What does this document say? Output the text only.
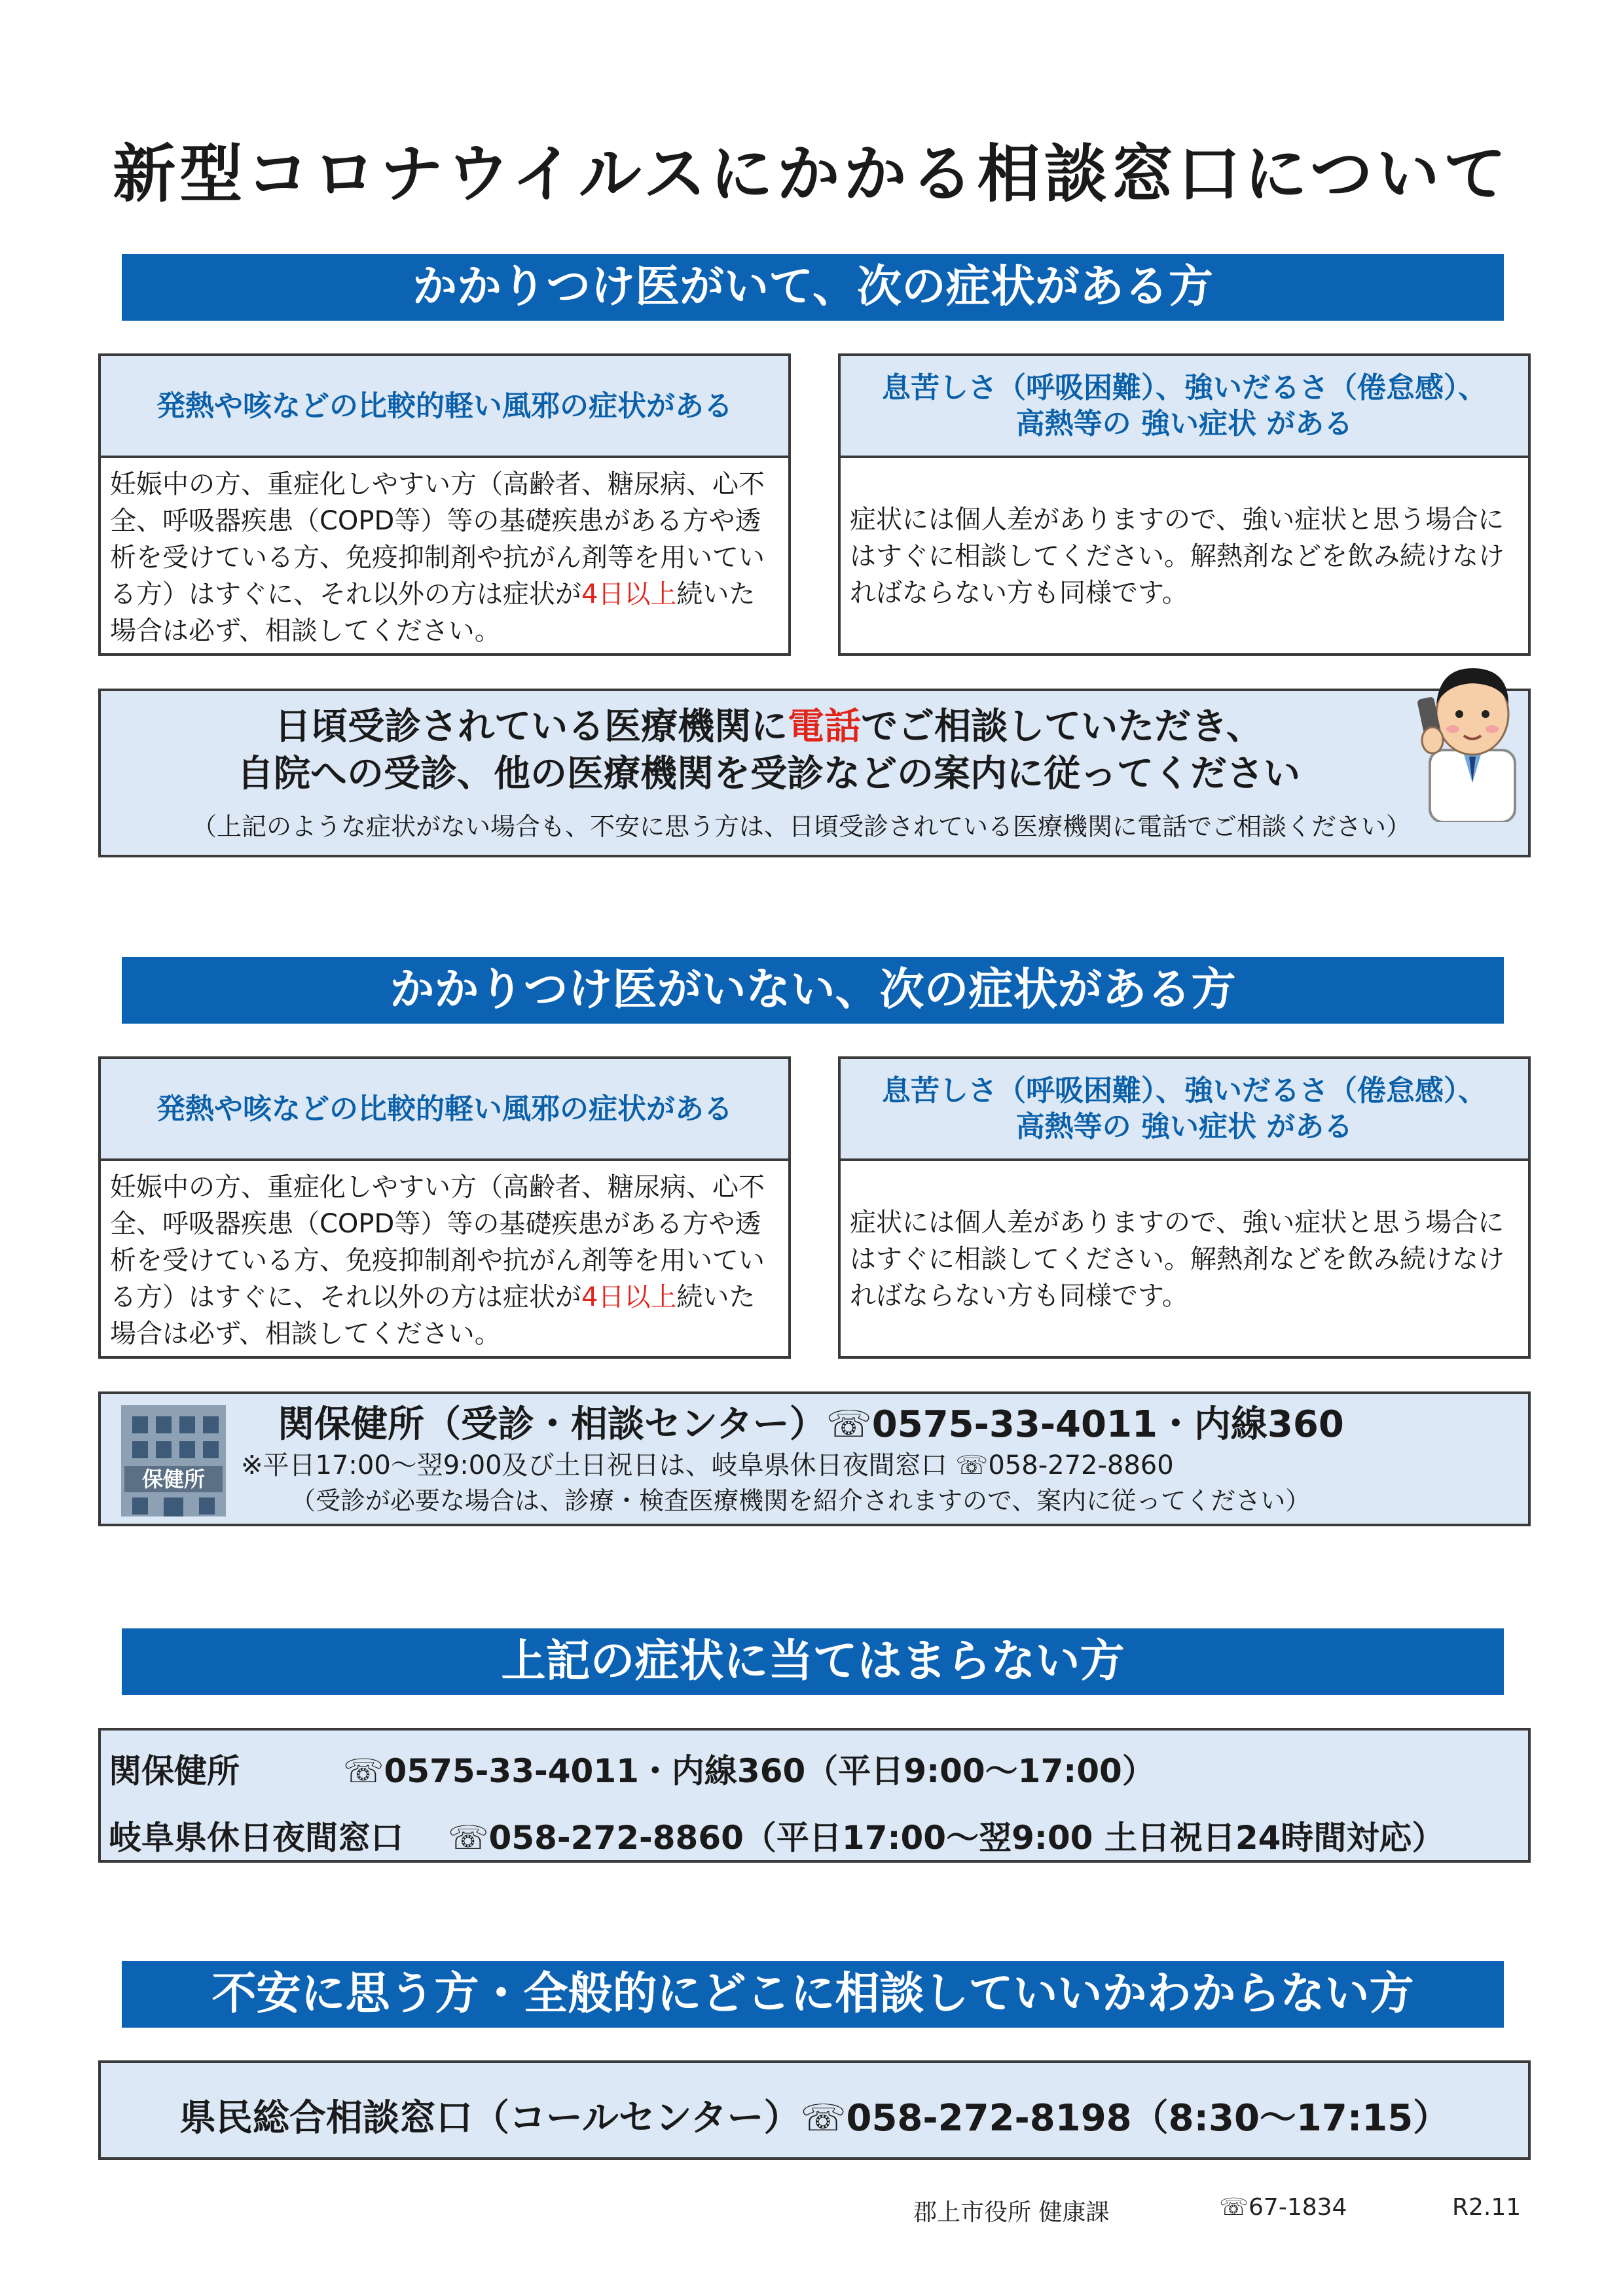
新型コロナウイルスにかかる相談窓口について
かかりつけ医がいて、次の症状がある方
発熱や咳などの比較的軽い風邪の症状がある
妊娠中の方、重症化しやすい方（高齢者、糖尿病、心不全、呼吸器疾患（COPD等）等の基礎疾患がある方や透析を受けている方、免疫抑制剤や抗がん剤等を用いている方）はすぐに、それ以外の方は症状が4日以上続いた場合は必ず、相談してください。
息苦しさ（呼吸困難）、強いだるさ（倦怠感）、
高熱等の 強い症状 がある
症状には個人差がありますので、強い症状と思う場合にはすぐに相談してください。解熱剤などを飲み続けなければならない方も同様です。
日頃受診されている医療機関に電話でご相談していただき、
自院への受診、他の医療機関を受診などの案内に従ってください
（上記のような症状がない場合も、不安に思う方は、日頃受診されている医療機関に電話でご相談ください）
かかりつけ医がいない、次の症状がある方
発熱や咳などの比較的軽い風邪の症状がある
妊娠中の方、重症化しやすい方（高齢者、糖尿病、心不全、呼吸器疾患（COPD等）等の基礎疾患がある方や透析を受けている方、免疫抑制剤や抗がん剤等を用いている方）はすぐに、それ以外の方は症状が4日以上続いた場合は必ず、相談してください。
息苦しさ（呼吸困難）、強いだるさ（倦怠感）、
高熱等の 強い症状 がある
症状には個人差がありますので、強い症状と思う場合にはすぐに相談してください。解熱剤などを飲み続けなければならない方も同様です。
保健所
関保健所（受診・相談センター）☏0575-33-4011・内線360
※平日17:00～翌9:00及び土日祝日は、岐阜県休日夜間窓口 ☏058-272-8860
（受診が必要な場合は、診療・検査医療機関を紹介されますので、案内に従ってください）
上記の症状に当てはまらない方
関保健所	☏0575-33-4011・内線360（平日9:00～17:00）
岐阜県休日夜間窓口 ☏058-272-8860（平日17:00～翌9:00 土日祝日24時間対応）
不安に思う方・全般的にどこに相談していいかわからない方
県民総合相談窓口（コールセンター）☏058-272-8198（8:30～17:15）
郡上市役所 健康課	☏67-1834	R2.11
